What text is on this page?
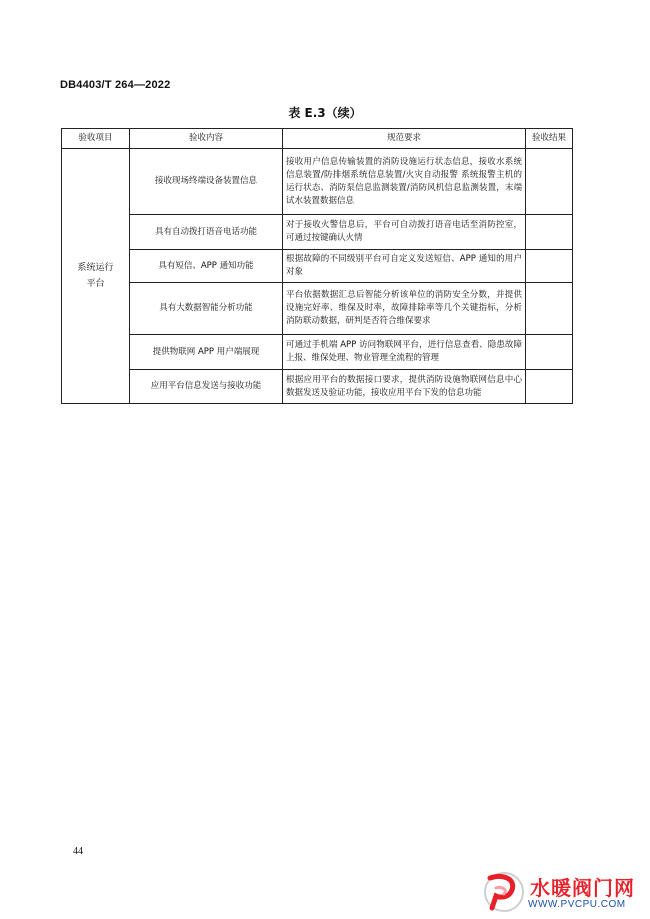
DB4403/T 264—2022
表 E.3（续）
验收项目	验收内容	规范要求	验收结果

系统运行平台	接收现场终端设备装置信息	接收用户信息传输装置的消防设施运行状态信息，接收水系统信息装置/防排烟系统信息装置/火灾自动报警 系统报警主机的运行状态、消防泵信息监测装置/消防风机信息监测装置，末端试水装置数据信息	
	具有自动拨打语音电话功能	对于接收火警信息后，平台可自动拨打语音电话至消防控室，可通过按键确认火情	
	具有短信、APP 通知功能	根据故障的不同级别平台可自定义发送短信、APP 通知的用户对象	
	具有大数据智能分析功能	平台依据数据汇总后智能分析该单位的消防安全分数，并提供设施完好率、维保及时率，故障排除率等几个关键指标，分析消防联动数据，研判是否符合维保要求	
	提供物联网 APP 用户端展现	可通过手机端 APP 访问物联网平台，进行信息查看、隐患故障上报、维保处理、物业管理全流程的管理	
	应用平台信息发送与接收功能	根据应用平台的数据接口要求，提供消防设施物联网信息中心数据发送及验证功能，接收应用平台下发的信息功能	
44
水暖阀门网
WWW.PVCPU.COM
